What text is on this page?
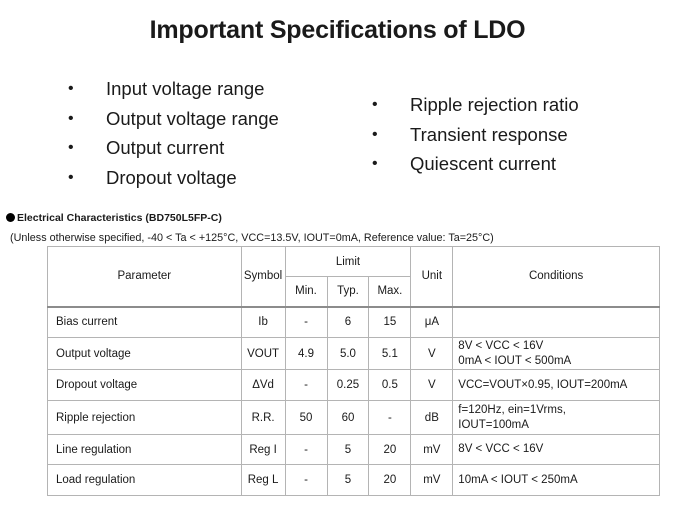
Important Specifications of LDO
• Input voltage range
• Output voltage range
• Output current
• Dropout voltage
• Ripple rejection ratio
• Transient response
• Quiescent current
Electrical Characteristics (BD750L5FP-C)
(Unless otherwise specified, -40 < Ta < +125°C, VCC=13.5V, IOUT=0mA, Reference value: Ta=25°C)
Parameter	Symbol	Limit			Unit	Conditions
		Min.	Typ.	Max.		
Bias current	Ib	-	6	15	μA	

Output voltage	VOUT	4.9	5.0	5.1	V	8V < VCC < 16V
0mA < IOUT < 500mA

Dropout voltage	ΔVd	-	0.25	0.5	V	VCC=VOUT×0.95, IOUT=200mA

Ripple rejection	R.R.	50	60	-	dB	f=120Hz, ein=1Vrms,
IOUT=100mA

Line regulation	Reg I	-	5	20	mV	8V < VCC < 16V

Load regulation	Reg L	-	5	20	mV	10mA < IOUT < 250mA
